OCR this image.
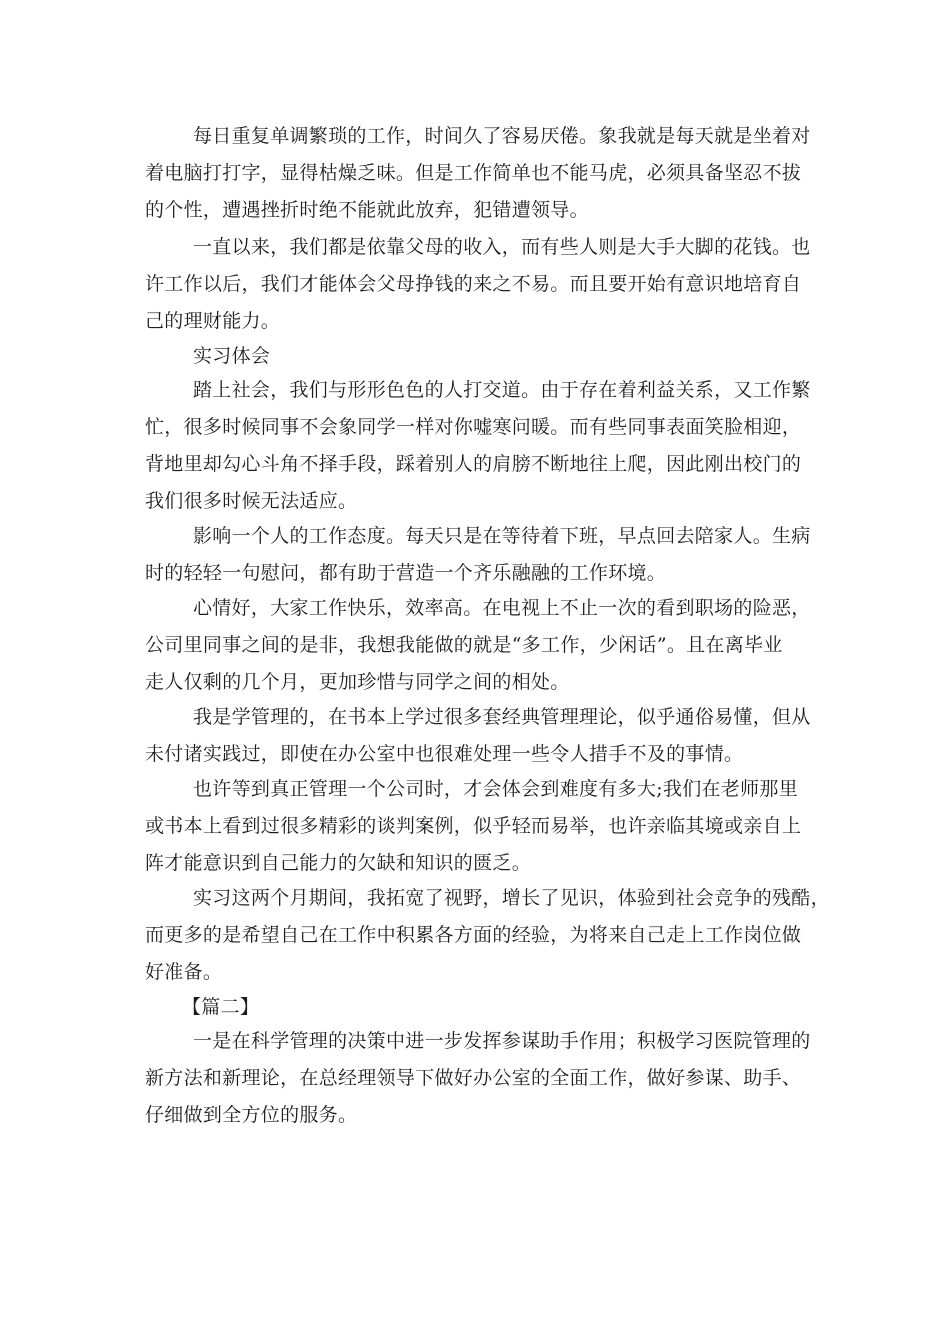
每日重复单调繁琐的工作，时间久了容易厌倦。象我就是每天就是坐着对
着电脑打打字，显得枯燥乏味。但是工作简单也不能马虎，必须具备坚忍不拔
的个性，遭遇挫折时绝不能就此放弃，犯错遭领导。
一直以来，我们都是依靠父母的收入，而有些人则是大手大脚的花钱。也
许工作以后，我们才能体会父母挣钱的来之不易。而且要开始有意识地培育自
己的理财能力。
实习体会
踏上社会，我们与形形色色的人打交道。由于存在着利益关系，又工作繁
忙，很多时候同事不会象同学一样对你嘘寒问暖。而有些同事表面笑脸相迎，
背地里却勾心斗角不择手段，踩着别人的肩膀不断地往上爬，因此刚出校门的
我们很多时候无法适应。
影响一个人的工作态度。每天只是在等待着下班，早点回去陪家人。生病
时的轻轻一句慰问，都有助于营造一个齐乐融融的工作环境。
心情好，大家工作快乐，效率高。在电视上不止一次的看到职场的险恶，
公司里同事之间的是非，我想我能做的就是“多工作，少闲话”。且在离毕业
走人仅剩的几个月，更加珍惜与同学之间的相处。
我是学管理的，在书本上学过很多套经典管理理论，似乎通俗易懂，但从
未付诸实践过，即使在办公室中也很难处理一些令人措手不及的事情。
也许等到真正管理一个公司时，才会体会到难度有多大;我们在老师那里
或书本上看到过很多精彩的谈判案例，似乎轻而易举，也许亲临其境或亲自上
阵才能意识到自己能力的欠缺和知识的匮乏。
实习这两个月期间，我拓宽了视野，增长了见识，体验到社会竞争的残酷，
而更多的是希望自己在工作中积累各方面的经验，为将来自己走上工作岗位做
好准备。
【篇二】
一是在科学管理的决策中进一步发挥参谋助手作用；积极学习医院管理的
新方法和新理论，在总经理领导下做好办公室的全面工作，做好参谋、助手、
仔细做到全方位的服务。
